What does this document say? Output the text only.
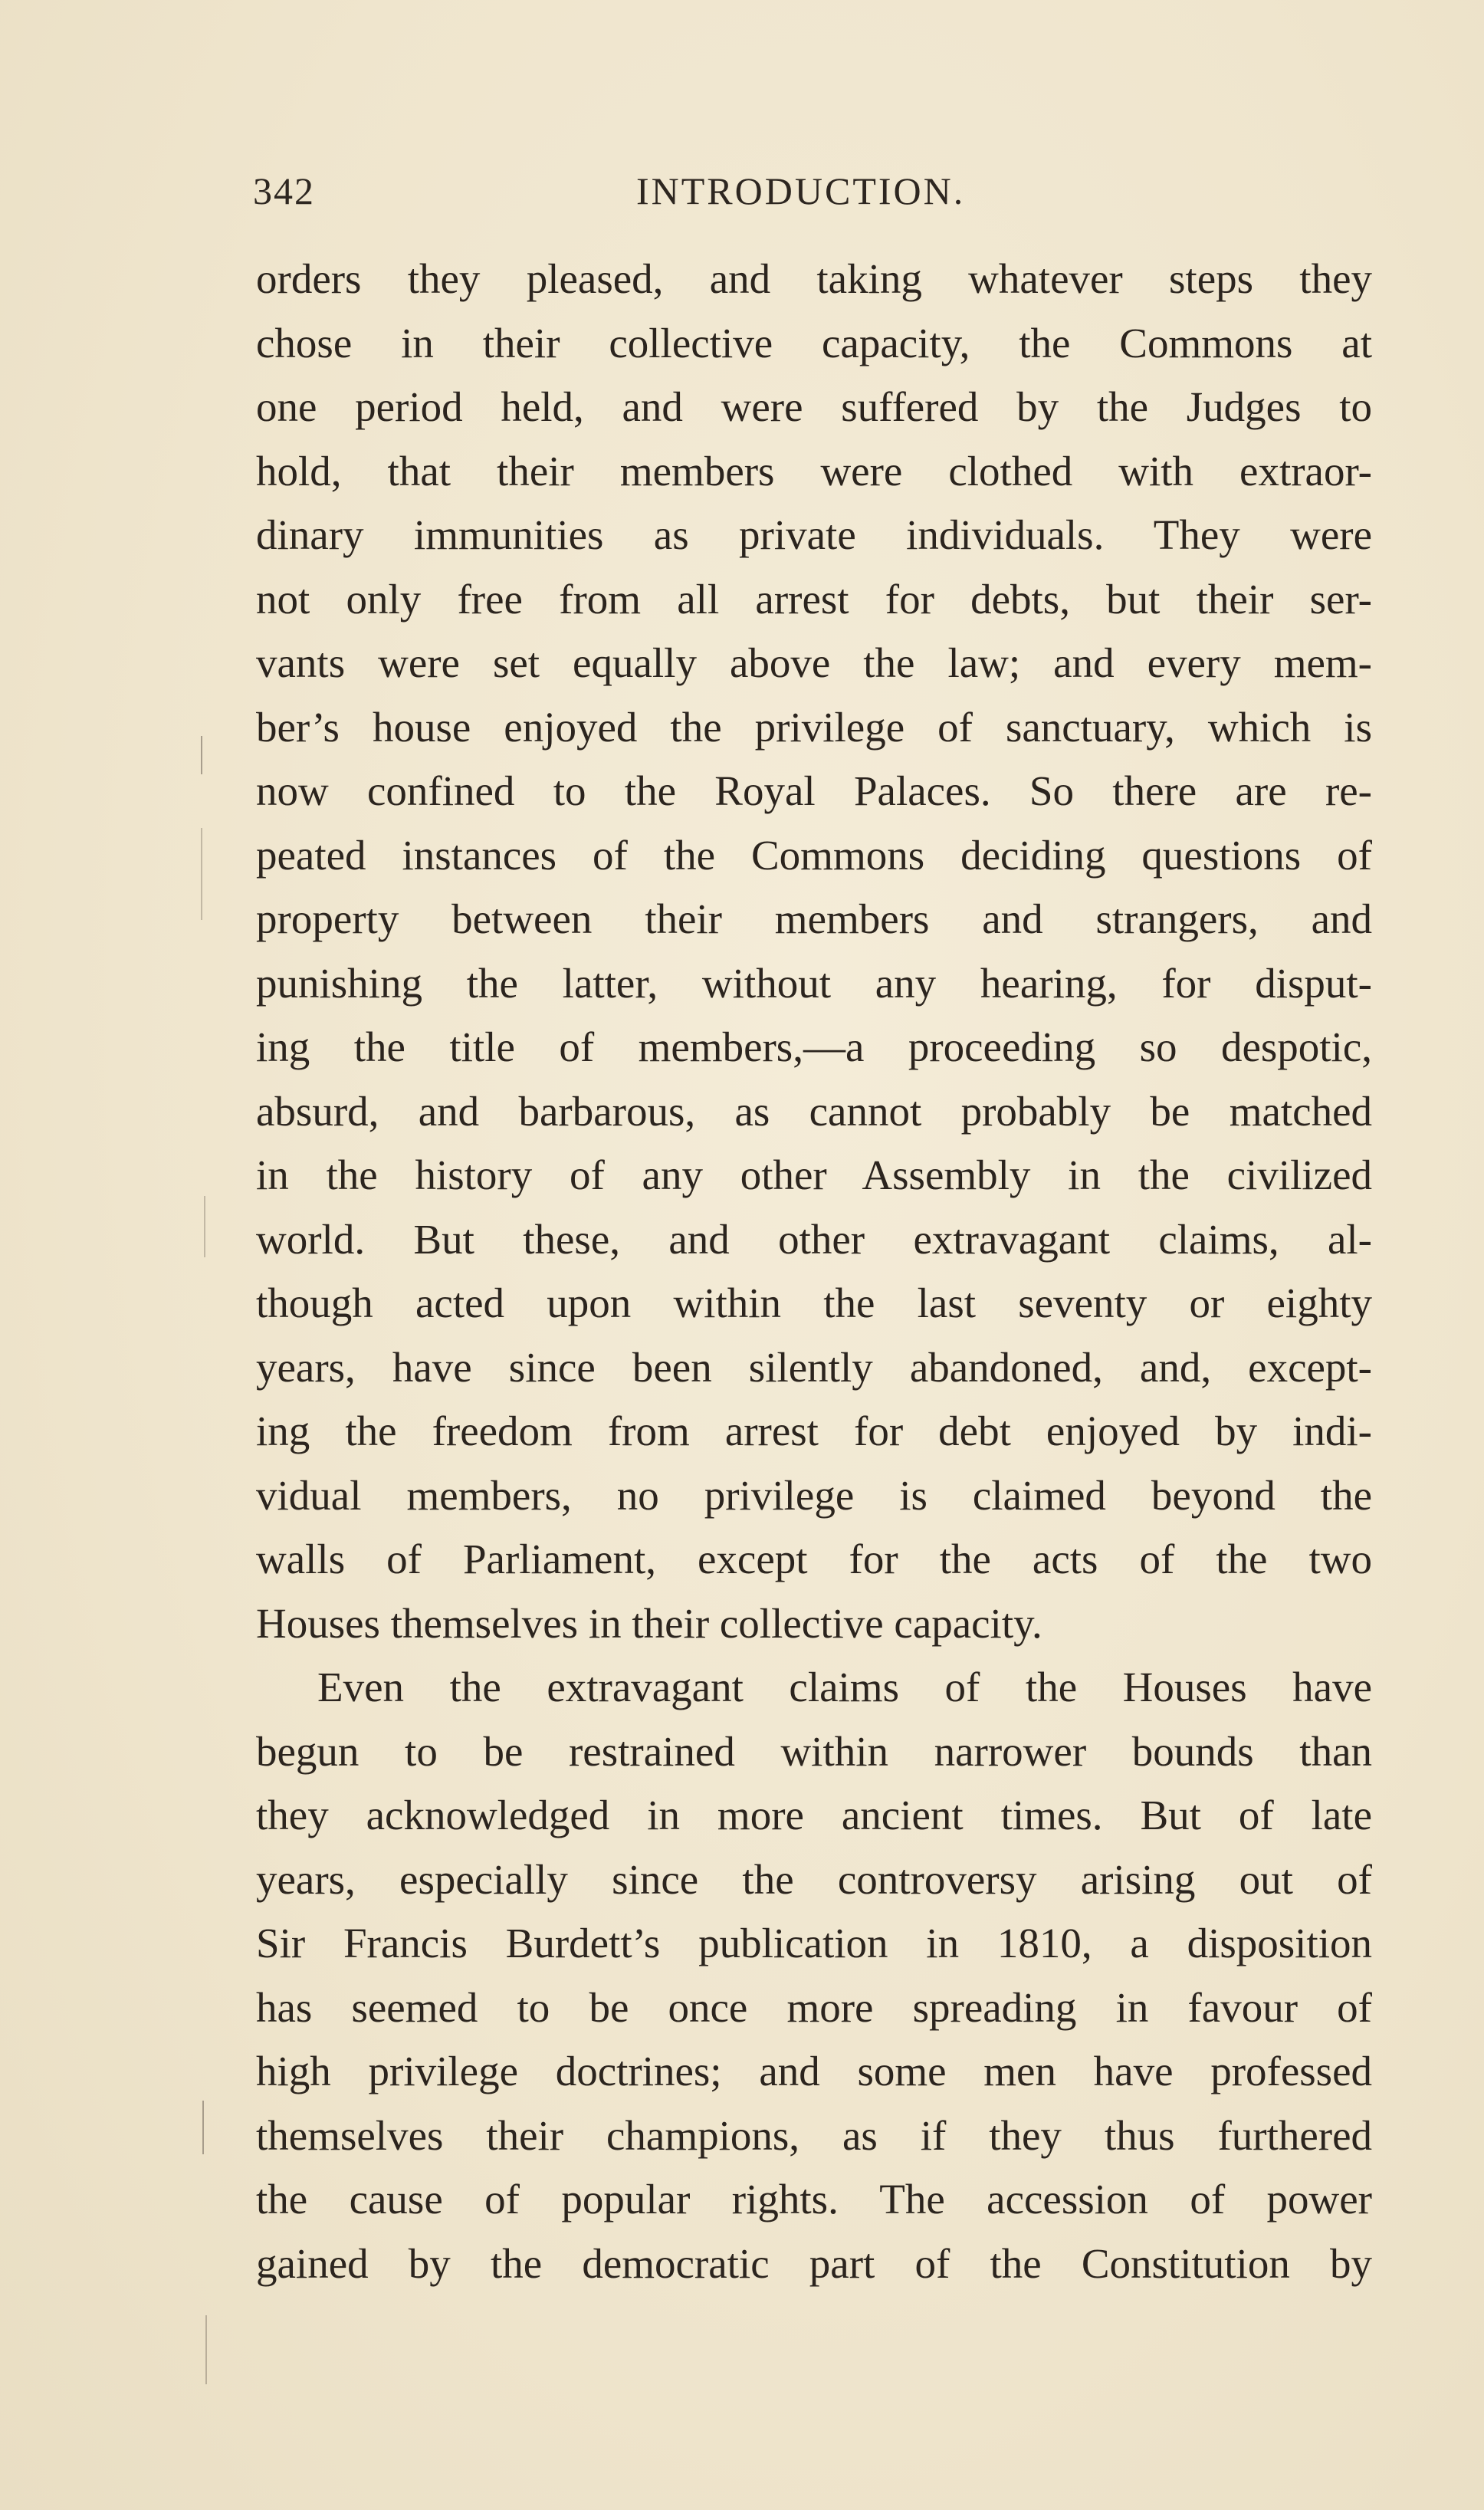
342	INTRODUCTION.
orders they pleased, and taking whatever steps they
chose in their collective capacity, the Commons at
one period held, and were suffered by the Judges to
hold, that their members were clothed with extraor-
dinary immunities as private individuals. They were
not only free from all arrest for debts, but their ser-
vants were set equally above the law; and every mem-
ber’s house enjoyed the privilege of sanctuary, which is
now confined to the Royal Palaces. So there are re-
peated instances of the Commons deciding questions of
property between their members and strangers, and
punishing the latter, without any hearing, for disput-
ing the title of members,—a proceeding so despotic,
absurd, and barbarous, as cannot probably be matched
in the history of any other Assembly in the civilized
world. But these, and other extravagant claims, al-
though acted upon within the last seventy or eighty
years, have since been silently abandoned, and, except-
ing the freedom from arrest for debt enjoyed by indi-
vidual members, no privilege is claimed beyond the
walls of Parliament, except for the acts of the two
Houses themselves in their collective capacity.
Even the extravagant claims of the Houses have
begun to be restrained within narrower bounds than
they acknowledged in more ancient times. But of late
years, especially since the controversy arising out of
Sir Francis Burdett’s publication in 1810, a disposition
has seemed to be once more spreading in favour of
high privilege doctrines; and some men have professed
themselves their champions, as if they thus furthered
the cause of popular rights. The accession of power
gained by the democratic part of the Constitution by
